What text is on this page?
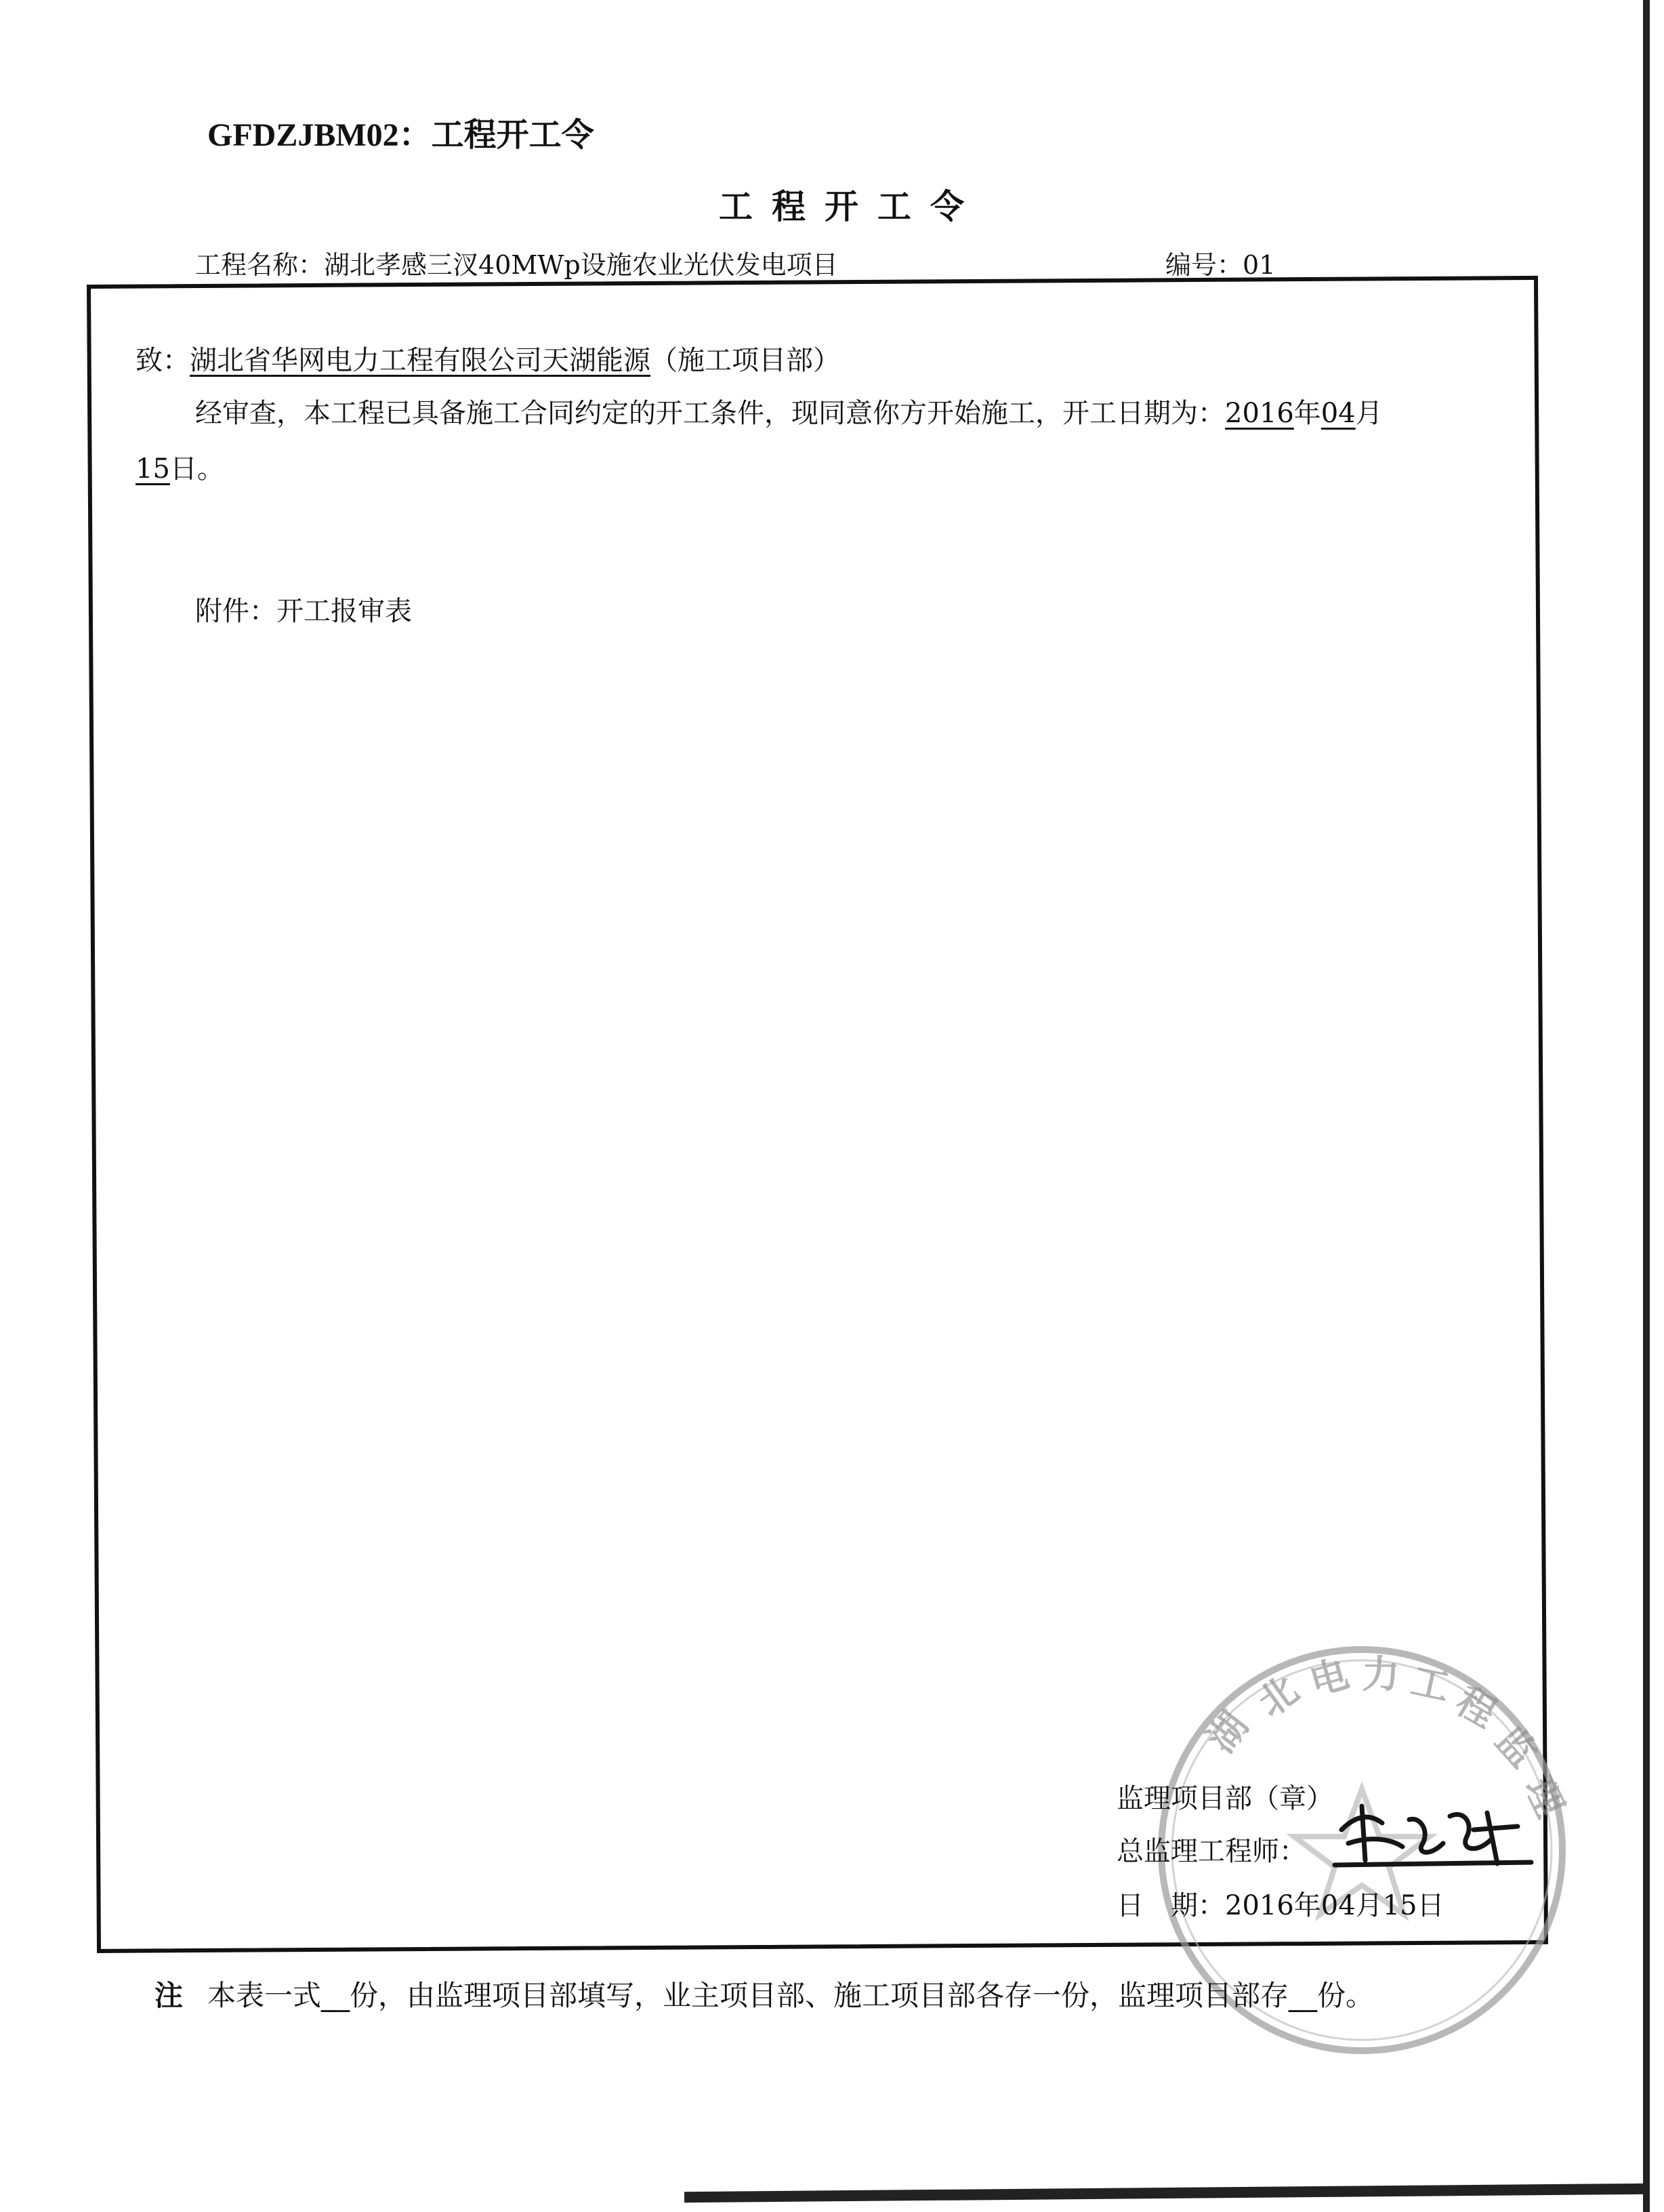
GFDZJBM02：工程开工令
工程开工令
工程名称：湖北孝感三汊40MWp设施农业光伏发电项目	编号：01
致：湖北省华网电力工程有限公司天湖能源（施工项目部）
经审查，本工程已具备施工合同约定的开工条件，现同意你方开始施工，开工日期为：2016年04月
15日。
附件：开工报审表
湖
北
电 力 工
程
监
理
监理项目部（章）
总监理工程师：
日　期：2016年04月15日
注 本表一式__份，由监理项目部填写，业主项目部、施工项目部各存一份，监理项目部存__份。
